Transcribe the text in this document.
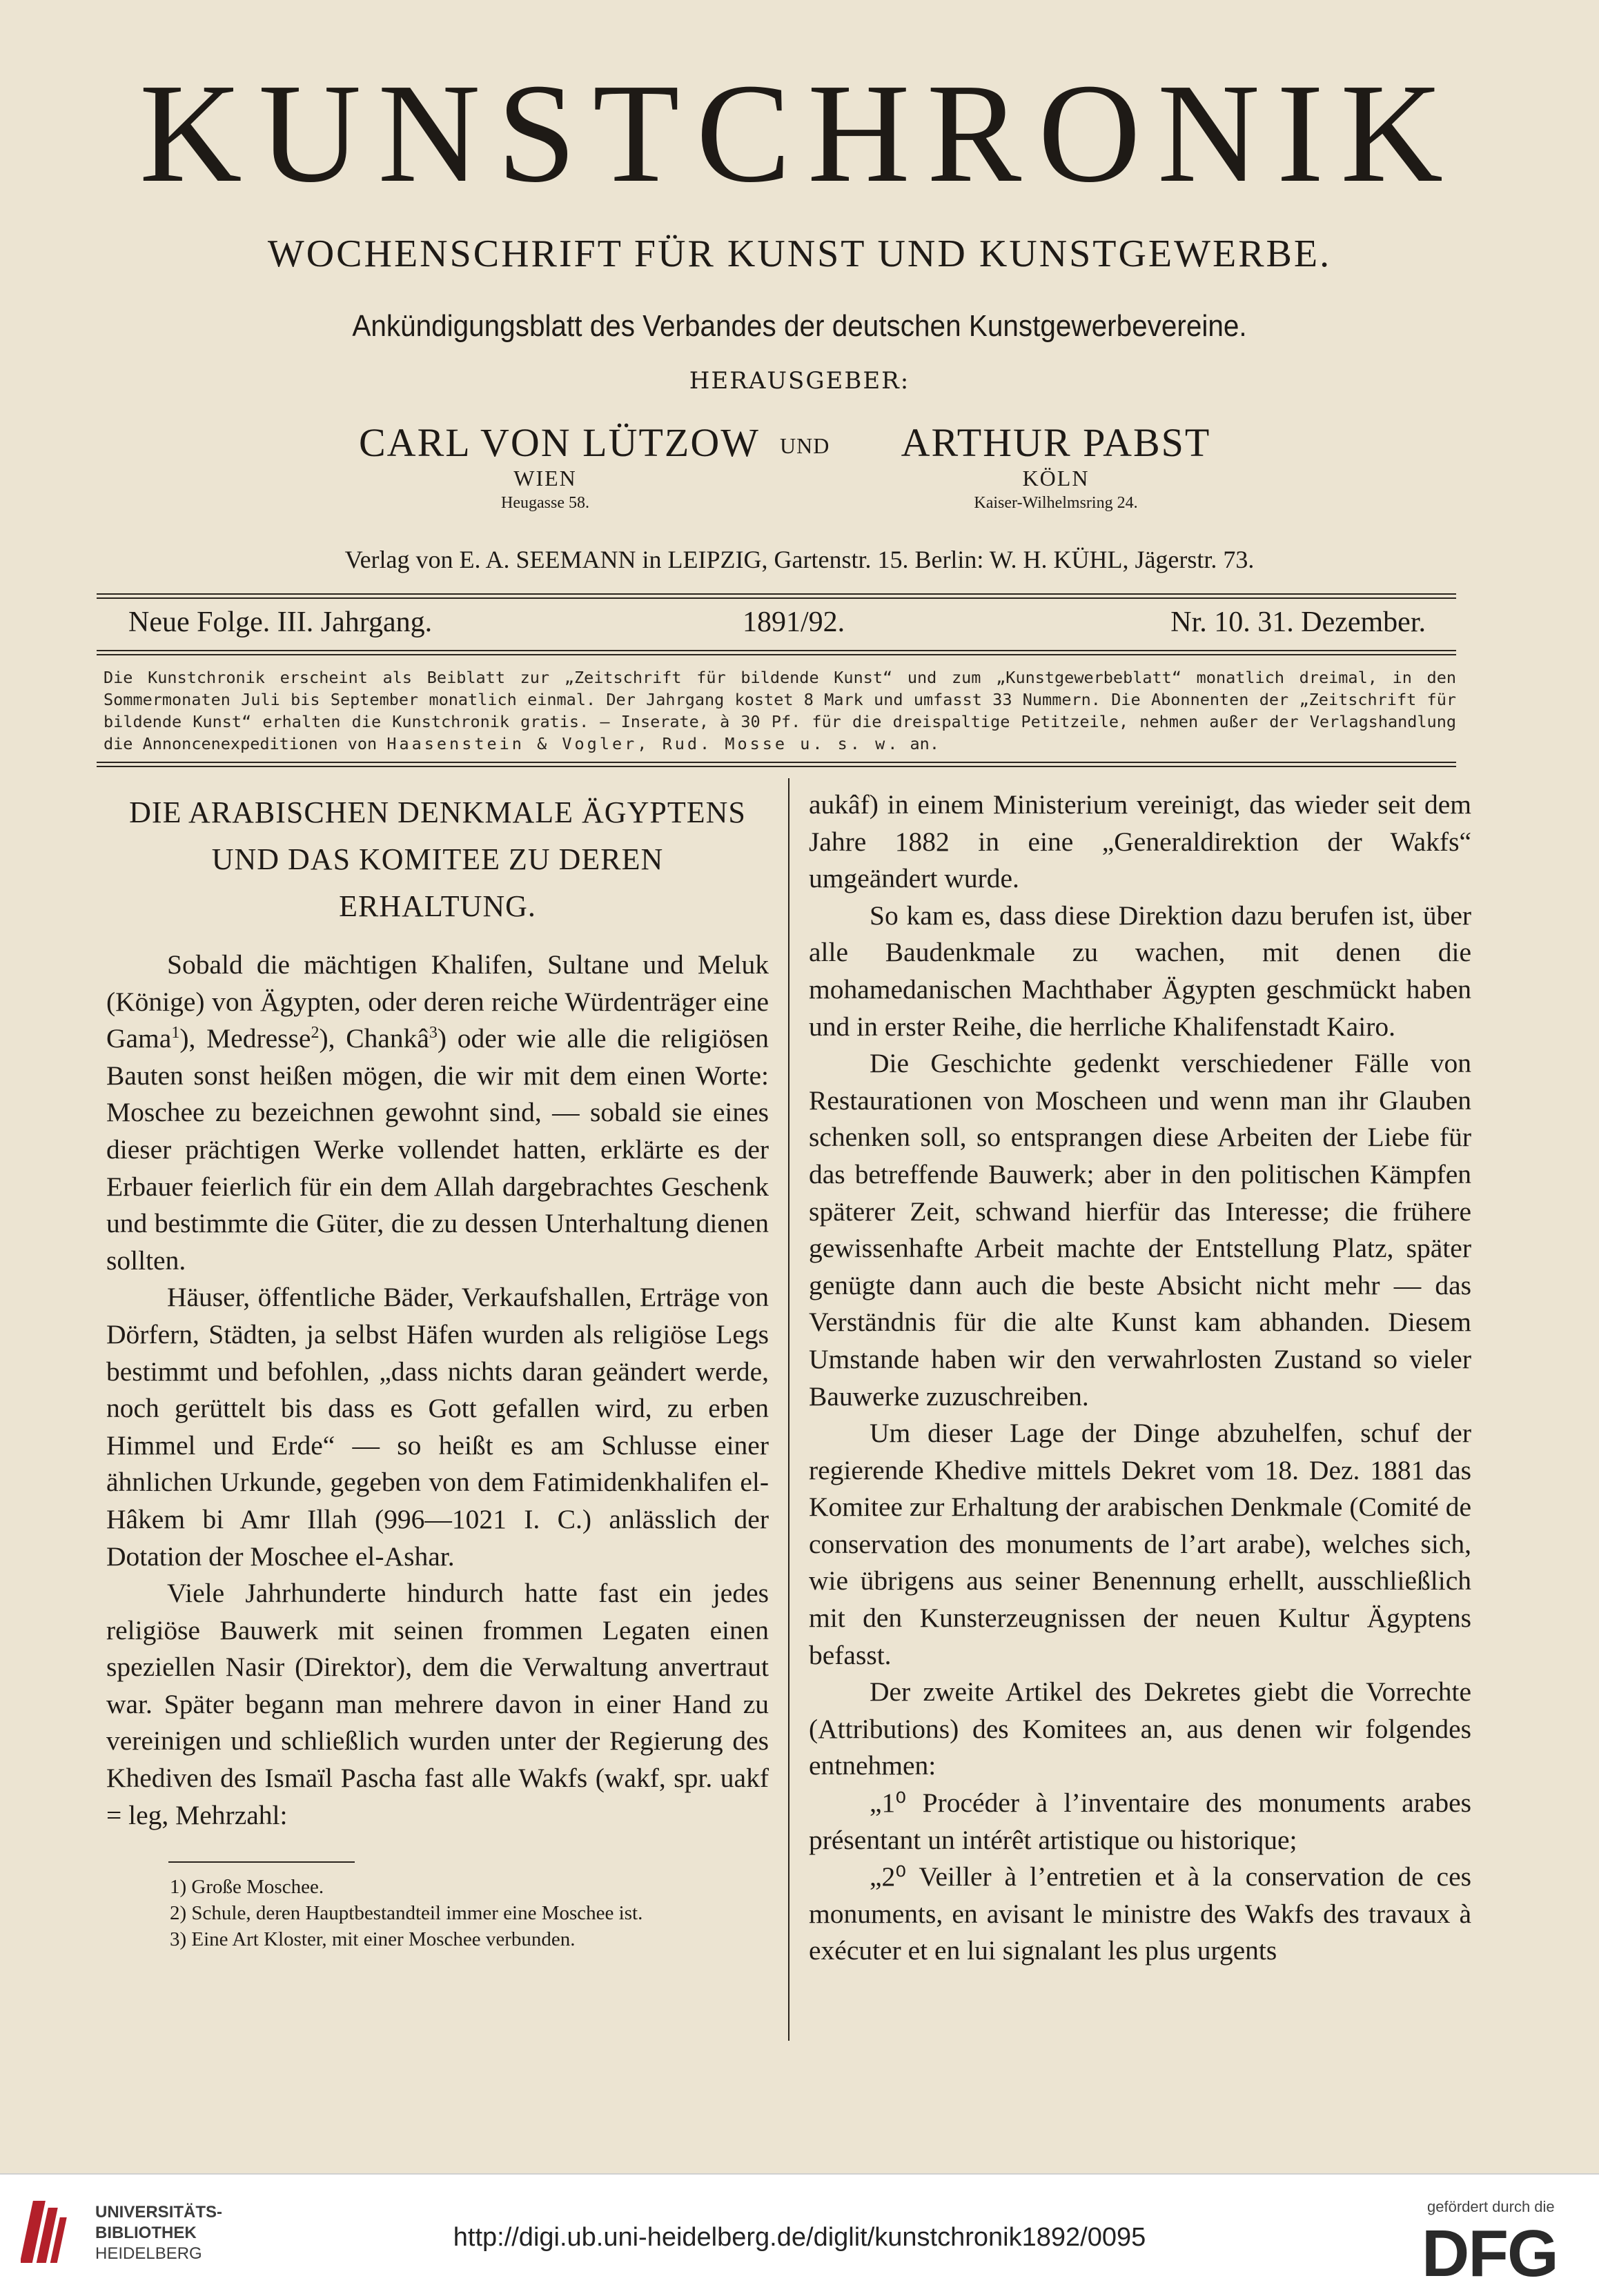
KUNSTCHRONIK
WOCHENSCHRIFT FÜR KUNST UND KUNSTGEWERBE.
Ankündigungsblatt des Verbandes der deutschen Kunstgewerbevereine.
HERAUSGEBER:
CARL VON LÜTZOW
WIEN
Heugasse 58.
UND ARTHUR PABST
KÖLN
Kaiser-Wilhelmsring 24.
Verlag von E. A. SEEMANN in LEIPZIG, Gartenstr. 15. Berlin: W. H. KÜHL, Jägerstr. 73.
Neue Folge. III. Jahrgang.	1891/92.	Nr. 10. 31. Dezember.
Die Kunstchronik erscheint als Beiblatt zur „Zeitschrift für bildende Kunst“ und zum „Kunstgewerbeblatt“ monatlich dreimal, in den Sommermonaten Juli bis September monatlich einmal. Der Jahrgang kostet 8 Mark und umfasst 33 Nummern. Die Abonnenten der „Zeitschrift für bildende Kunst“ erhalten die Kunstchronik gratis. — Inserate, à 30 Pf. für die dreispaltige Petitzeile, nehmen außer der Verlagshandlung die Annoncenexpeditionen von Haasenstein & Vogler, Rud. Mosse u. s. w. an.
DIE ARABISCHEN DENKMALE ÄGYPTENS
UND DAS KOMITEE ZU DEREN
ERHALTUNG.

Sobald die mächtigen Khalifen, Sultane und Meluk (Könige) von Ägypten, oder deren reiche Würdenträger eine Gama$^1$), Medresse$^2$), Chankâ$^3$) oder wie alle die religiösen Bauten sonst heißen mögen, die wir mit dem einen Worte: Moschee zu bezeichnen gewohnt sind, — sobald sie eines dieser prächtigen Werke vollendet hatten, erklärte es der Erbauer feierlich für ein dem Allah dargebrachtes Geschenk und bestimmte die Güter, die zu dessen Unterhaltung dienen sollten.

Häuser, öffentliche Bäder, Verkaufshallen, Erträge von Dörfern, Städten, ja selbst Häfen wurden als religiöse Legs bestimmt und befohlen, „dass nichts daran geändert werde, noch gerüttelt bis dass es Gott gefallen wird, zu erben Himmel und Erde“ — so heißt es am Schlusse einer ähnlichen Urkunde, gegeben von dem Fatimidenkhalifen el-Hâkem bi Amr Illah (996—1021 I. C.) anlässlich der Dotation der Moschee el-Ashar.

Viele Jahrhunderte hindurch hatte fast ein jedes religiöse Bauwerk mit seinen frommen Legaten einen speziellen Nasir (Direktor), dem die Verwaltung anvertraut war. Später begann man mehrere davon in einer Hand zu vereinigen und schließlich wurden unter der Regierung des Khediven des Ismaïl Pascha fast alle Wakfs (wakf, spr. uakf = leg, Mehrzahl:

1) Große Moschee.
2) Schule, deren Hauptbestandteil immer eine Moschee ist.
3) Eine Art Kloster, mit einer Moschee verbunden.

aukâf) in einem Ministerium vereinigt, das wieder seit dem Jahre 1882 in eine „Generaldirektion der Wakfs“ umgeändert wurde.

So kam es, dass diese Direktion dazu berufen ist, über alle Baudenkmale zu wachen, mit denen die mohamedanischen Machthaber Ägypten geschmückt haben und in erster Reihe, die herrliche Khalifenstadt Kairo.

Die Geschichte gedenkt verschiedener Fälle von Restaurationen von Moscheen und wenn man ihr Glauben schenken soll, so entsprangen diese Arbeiten der Liebe für das betreffende Bauwerk; aber in den politischen Kämpfen späterer Zeit, schwand hierfür das Interesse; die frühere gewissenhafte Arbeit machte der Entstellung Platz, später genügte dann auch die beste Absicht nicht mehr — das Verständnis für die alte Kunst kam abhanden. Diesem Umstande haben wir den verwahrlosten Zustand so vieler Bauwerke zuzuschreiben.

Um dieser Lage der Dinge abzuhelfen, schuf der regierende Khedive mittels Dekret vom 18. Dez. 1881 das Komitee zur Erhaltung der arabischen Denkmale (Comité de conservation des monuments de l’art arabe), welches sich, wie übrigens aus seiner Benennung erhellt, ausschließlich mit den Kunsterzeugnissen der neuen Kultur Ägyptens befasst.

Der zweite Artikel des Dekretes giebt die Vorrechte (Attributions) des Komitees an, aus denen wir folgendes entnehmen:

„1⁰ Procéder à l’inventaire des monuments arabes présentant un intérêt artistique ou historique;

„2⁰ Veiller à l’entretien et à la conservation de ces monuments, en avisant le ministre des Wakfs des travaux à exécuter et en lui signalant les plus urgents

UNIVERSITÄTS-
BIBLIOTHEK
HEIDELBERG
http://digi.ub.uni-heidelberg.de/diglit/kunstchronik1892/0095
gefördert durch die
DFG
